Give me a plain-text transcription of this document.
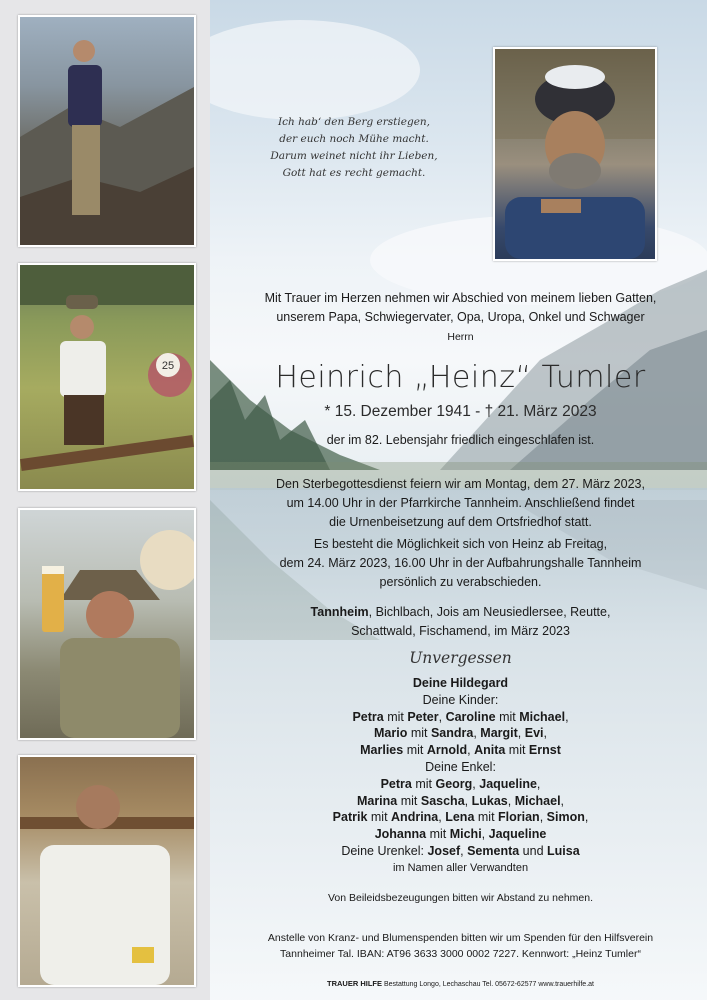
25
Ich hab‘ den Berg erstiegen,
der euch noch Mühe macht.
Darum weinet nicht ihr Lieben,
Gott hat es recht gemacht.
Mit Trauer im Herzen nehmen wir Abschied von meinem lieben Gatten,
unserem Papa, Schwiegervater, Opa, Uropa, Onkel und Schwager
Herrn
Heinrich „Heinz“ Tumler
* 15. Dezember 1941 - † 21. März 2023
der im 82. Lebensjahr friedlich eingeschlafen ist.
Den Sterbegottesdienst feiern wir am Montag, dem 27. März 2023,
um 14.00 Uhr in der Pfarrkirche Tannheim. Anschließend findet
die Urnenbeisetzung auf dem Ortsfriedhof statt.
Es besteht die Möglichkeit sich von Heinz ab Freitag,
dem 24. März 2023, 16.00 Uhr in der Aufbahrungshalle Tannheim
persönlich zu verabschieden.
Tannheim, Bichlbach, Jois am Neusiedlersee, Reutte,
Schattwald, Fischamend, im März 2023
Unvergessen
Deine Hildegard
Deine Kinder:
Petra mit Peter, Caroline mit Michael,
Mario mit Sandra, Margit, Evi,
Marlies mit Arnold, Anita mit Ernst
Deine Enkel:
Petra mit Georg, Jaqueline,
Marina mit Sascha, Lukas, Michael,
Patrik mit Andrina, Lena mit Florian, Simon,
Johanna mit Michi, Jaqueline
Deine Urenkel: Josef, Sementa und Luisa
im Namen aller Verwandten
Von Beileidsbezeugungen bitten wir Abstand zu nehmen.
Anstelle von Kranz- und Blumenspenden bitten wir um Spenden für den Hilfsverein
Tannheimer Tal. IBAN: AT96 3633 3000 0002 7227. Kennwort: „Heinz Tumler“
TRAUER HILFE Bestattung Longo, Lechaschau Tel. 05672-62577 www.trauerhilfe.at
